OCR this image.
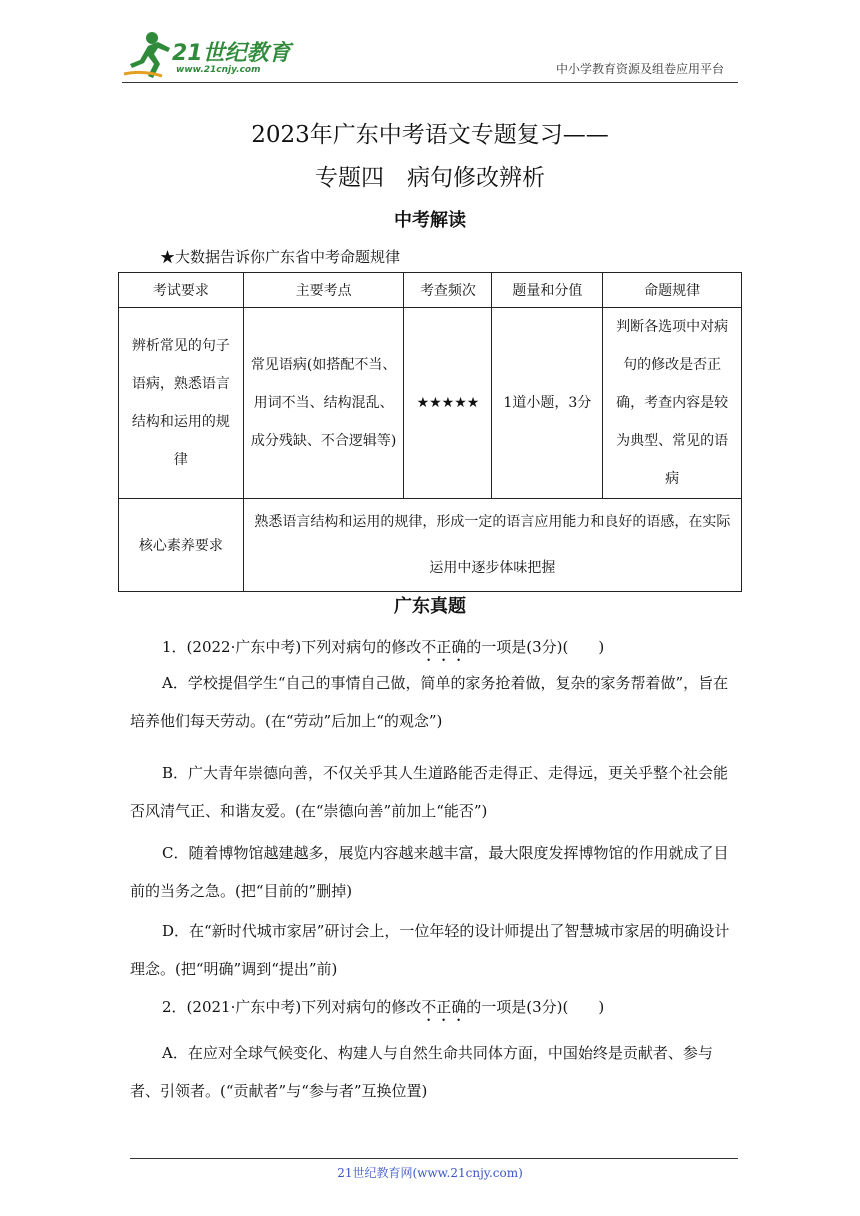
21世纪教育
www.21cnjy.com	中小学教育资源及组卷应用平台
2023年广东中考语文专题复习——
专题四　病句修改辨析
中考解读
★大数据告诉你广东省中考命题规律
考试要求	主要考点	考查频次	题量和分值	命题规律
辨析常见的句子语病，熟悉语言结构和运用的规律	常见语病(如搭配不当、用词不当、结构混乱、成分残缺、不合逻辑等)	★★★★★	1道小题，3分	判断各选项中对病句的修改是否正确，考查内容是较为典型、常见的语病
核心素养要求	熟悉语言结构和运用的规律，形成一定的语言应用能力和良好的语感，在实际运用中逐步体味把握			
广东真题
1．(2022·广东中考)下列对病句的修改不正确的一项是(3分)(　　)
A．学校提倡学生“自己的事情自己做，简单的家务抢着做，复杂的家务帮着做”，旨在培养他们每天劳动。(在“劳动”后加上“的观念”)
B．广大青年崇德向善，不仅关乎其人生道路能否走得正、走得远，更关乎整个社会能否风清气正、和谐友爱。(在“崇德向善”前加上“能否”)
C．随着博物馆越建越多，展览内容越来越丰富，最大限度发挥博物馆的作用就成了目前的当务之急。(把“目前的”删掉)
D．在“新时代城市家居”研讨会上，一位年轻的设计师提出了智慧城市家居的明确设计理念。(把“明确”调到“提出”前)
2．(2021·广东中考)下列对病句的修改不正确的一项是(3分)(　　)
A．在应对全球气候变化、构建人与自然生命共同体方面，中国始终是贡献者、参与者、引领者。(“贡献者”与“参与者”互换位置)
21世纪教育网(www.21cnjy.com)
